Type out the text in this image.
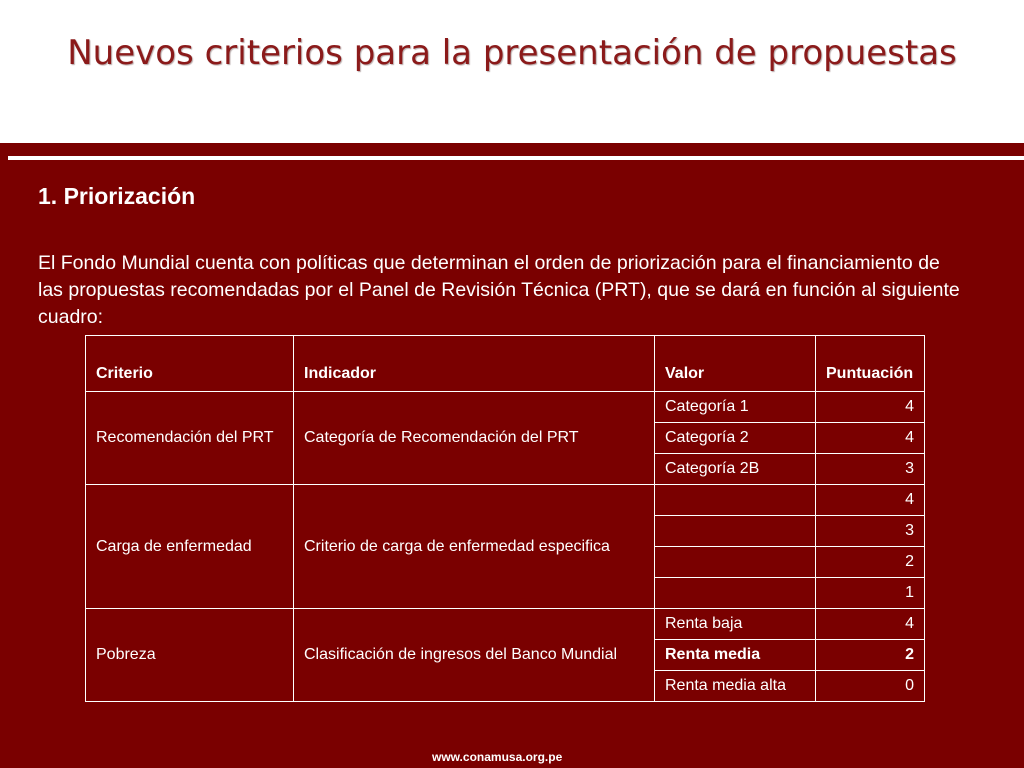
Nuevos criterios para la presentación de propuestas
1. Priorización
El Fondo Mundial cuenta con políticas que determinan el orden de priorización para el financiamiento de las propuestas recomendadas por el Panel de Revisión Técnica (PRT), que se dará en función al siguiente cuadro:
Criterio	Indicador	Valor	Puntuación
Recomendación del PRT	Categoría de Recomendación del PRT	Categoría 1	4
		Categoría 2	4
		Categoría 2B	3
Carga de enfermedad	Criterio de carga de enfermedad especifica		4
			3
			2
			1
Pobreza	Clasificación de ingresos del Banco Mundial	Renta baja	4
		Renta media	2
		Renta media alta	0
www.conamusa.org.pe
